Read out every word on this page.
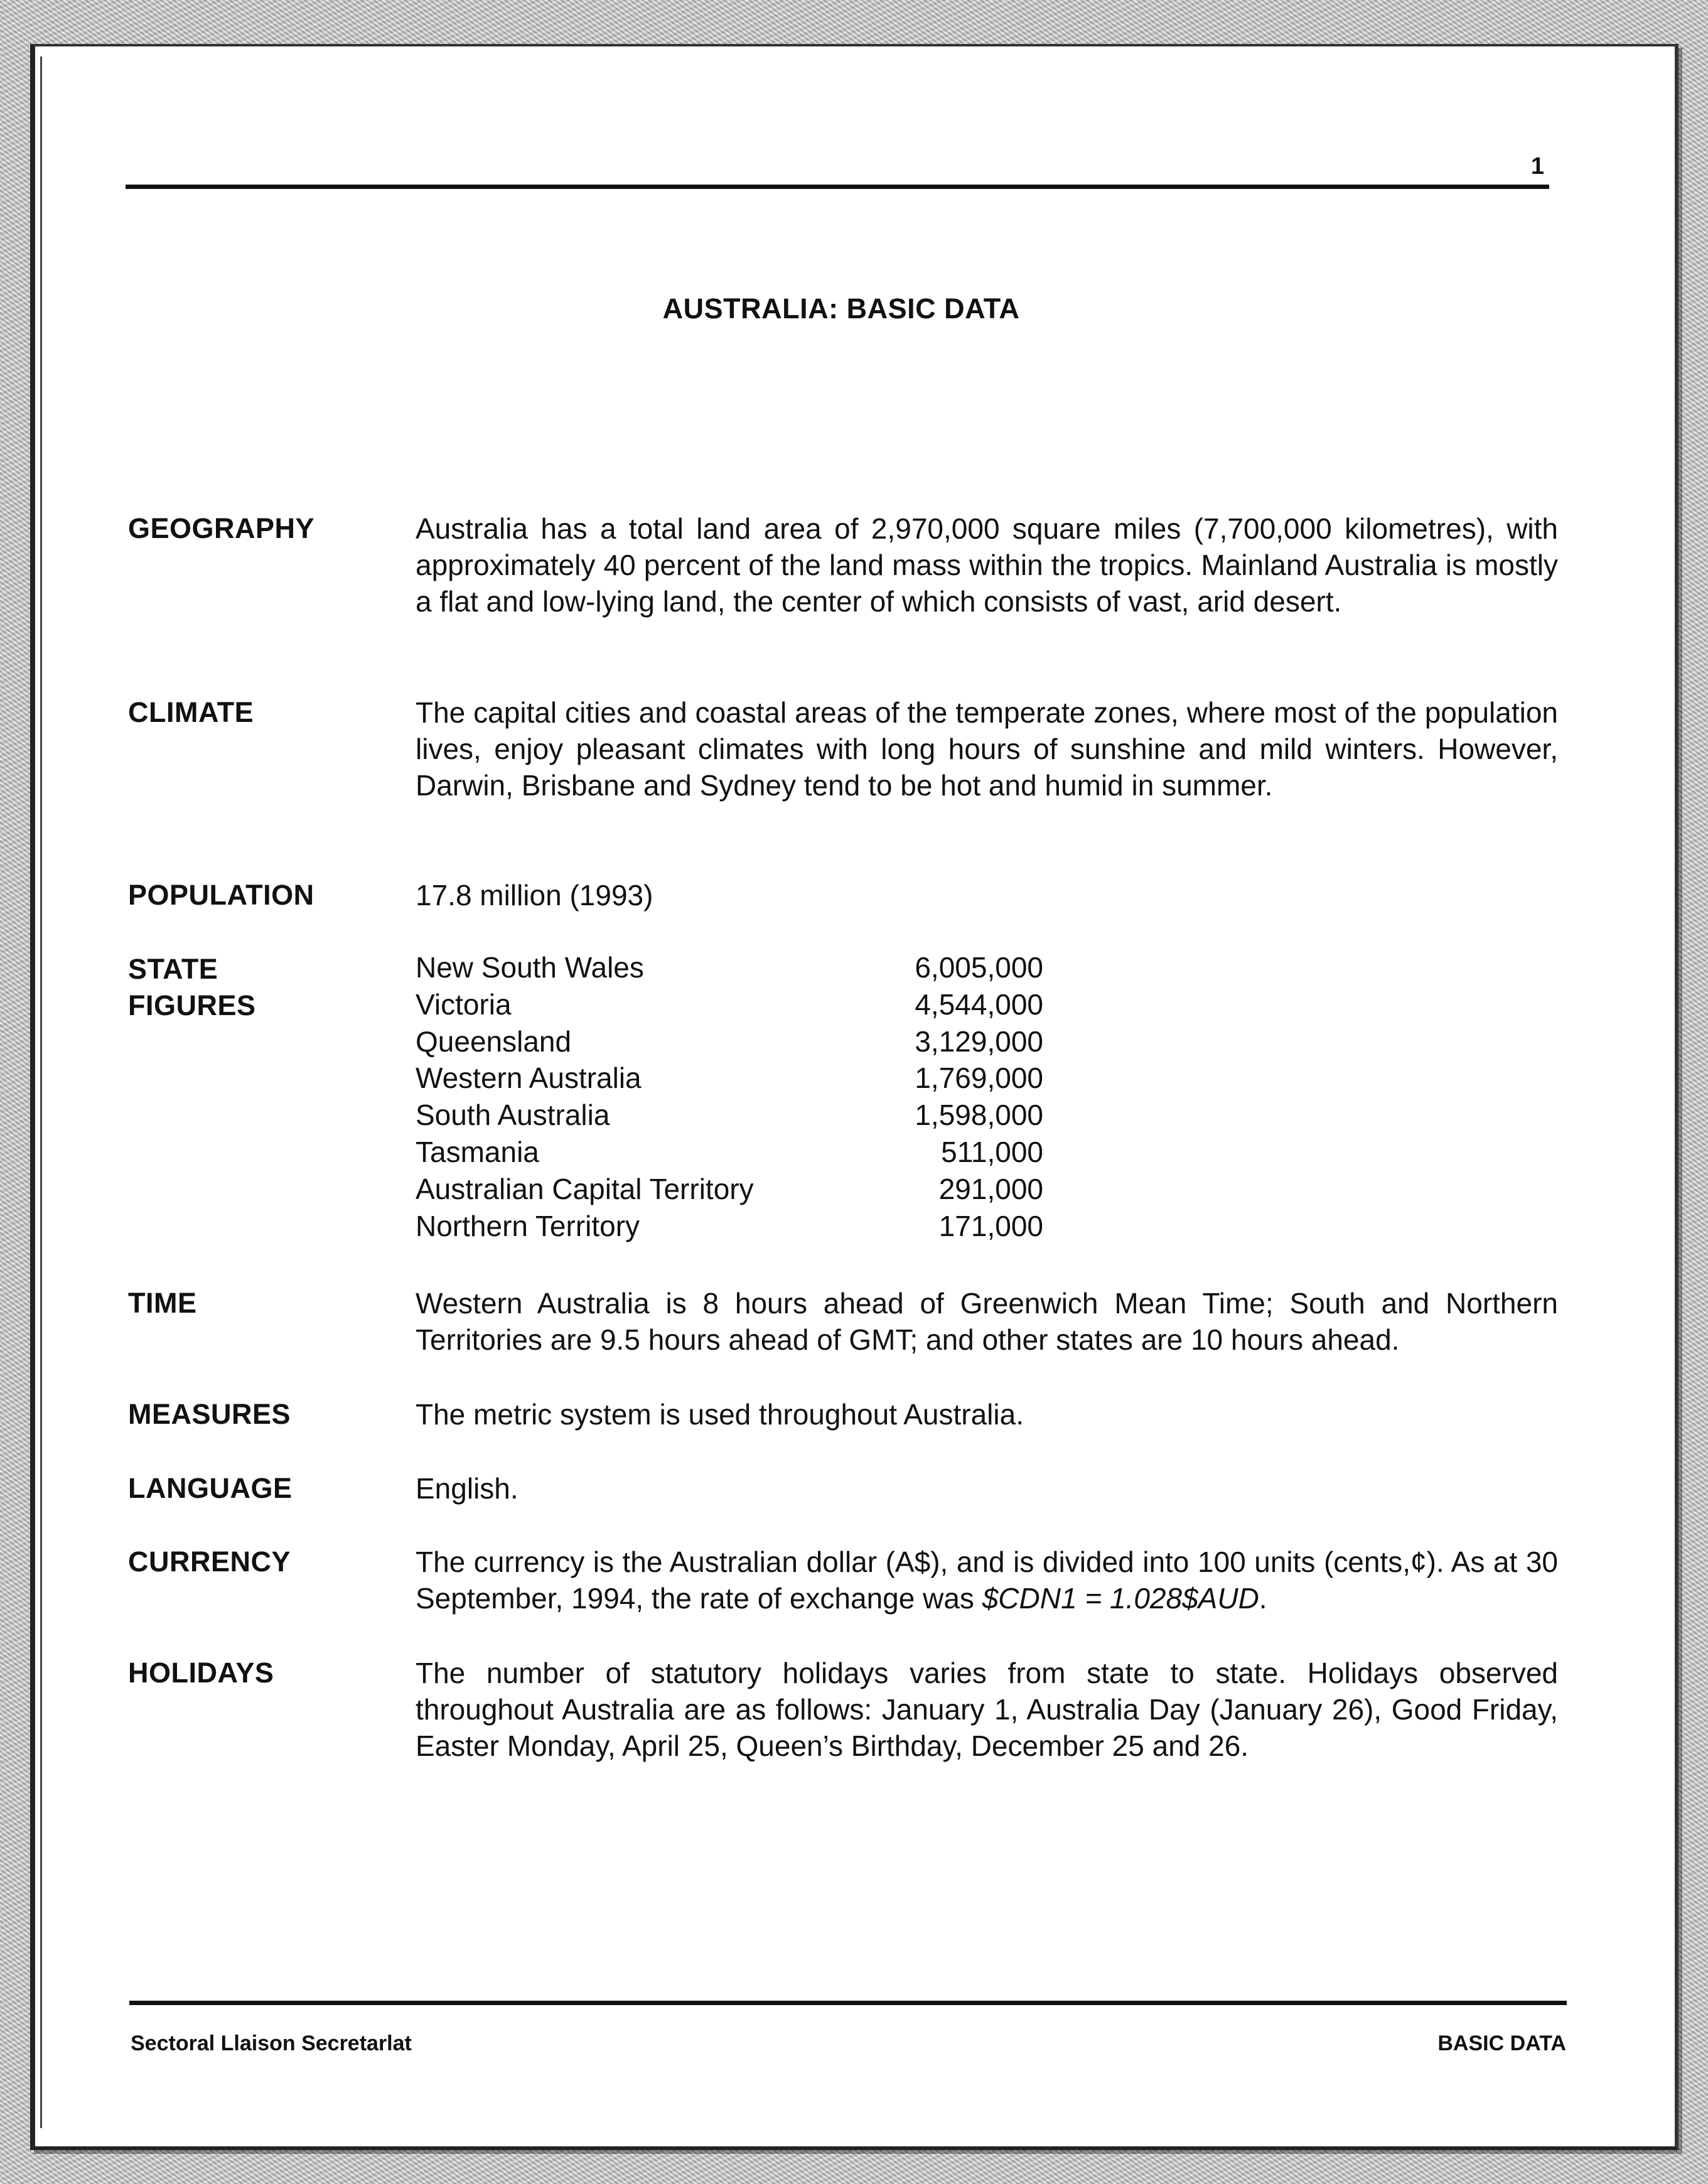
1
AUSTRALIA: BASIC DATA
GEOGRAPHY	Australia has a total land area of 2,970,000 square miles (7,700,000 kilometres), with approximately 40 percent of the land mass within the tropics. Mainland Australia is mostly a flat and low-lying land, the center of which consists of vast, arid desert.
CLIMATE	The capital cities and coastal areas of the temperate zones, where most of the population lives, enjoy pleasant climates with long hours of sunshine and mild winters. However, Darwin, Brisbane and Sydney tend to be hot and humid in summer.
POPULATION	17.8 million (1993)
STATE
FIGURES
New South Wales	6,005,000
Victoria	4,544,000
Queensland	3,129,000
Western Australia	1,769,000
South Australia	1,598,000
Tasmania	511,000
Australian Capital Territory	291,000
Northern Territory	171,000
TIME	Western Australia is 8 hours ahead of Greenwich Mean Time; South and Northern Territories are 9.5 hours ahead of GMT; and other states are 10 hours ahead.
MEASURES	The metric system is used throughout Australia.
LANGUAGE	English.
CURRENCY	The currency is the Australian dollar (A$), and is divided into 100 units (cents,¢). As at 30 September, 1994, the rate of exchange was $CDN1 = 1.028$AUD.
HOLIDAYS	The number of statutory holidays varies from state to state. Holidays observed throughout Australia are as follows: January 1, Australia Day (January 26), Good Friday, Easter Monday, April 25, Queen’s Birthday, December 25 and 26.
Sectoral Llaison Secretarlat	BASIC DATA
